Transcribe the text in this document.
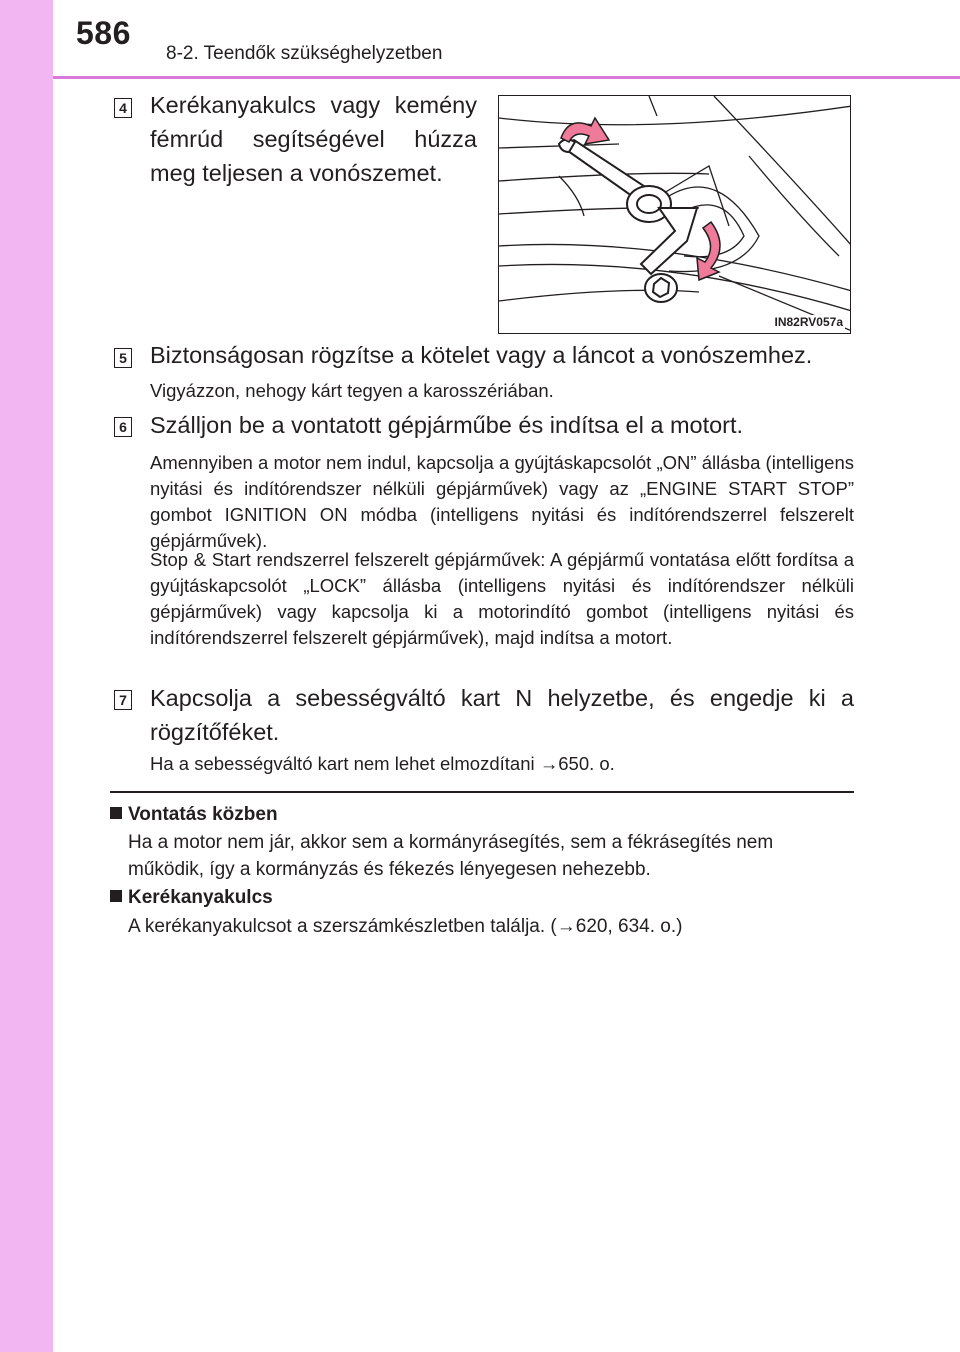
586
8-2. Teendők szükséghelyzetben
4 Kerékanyakulcs vagy kemény fémrúd segítségével húzza meg teljesen a vonószemet.
IN82RV057a
5 Biztonságosan rögzítse a kötelet vagy a láncot a vonószemhez.
Vigyázzon, nehogy kárt tegyen a karosszériában.
6 Szálljon be a vontatott gépjárműbe és indítsa el a motort.
Amennyiben a motor nem indul, kapcsolja a gyújtáskapcsolót „ON” állásba (intelligens nyitási és indítórendszer nélküli gépjárművek) vagy az „ENGINE START STOP” gombot IGNITION ON módba (intelligens nyitási és indítórendszerrel felszerelt gépjárművek).
Stop & Start rendszerrel felszerelt gépjárművek: A gépjármű vontatása előtt fordítsa a gyújtáskapcsolót „LOCK” állásba (intelligens nyitási és indítórendszer nélküli gépjárművek) vagy kapcsolja ki a motorindító gombot (intelligens nyitási és indítórendszerrel felszerelt gépjárművek), majd indítsa a motort.
7 Kapcsolja a sebességváltó kart N helyzetbe, és engedje ki a rögzítőféket.
Ha a sebességváltó kart nem lehet elmozdítani →650. o.
Vontatás közben
Ha a motor nem jár, akkor sem a kormányrásegítés, sem a fékrásegítés nem működik, így a kormányzás és fékezés lényegesen nehezebb.
Kerékanyakulcs
A kerékanyakulcsot a szerszámkészletben találja. (→620, 634. o.)
